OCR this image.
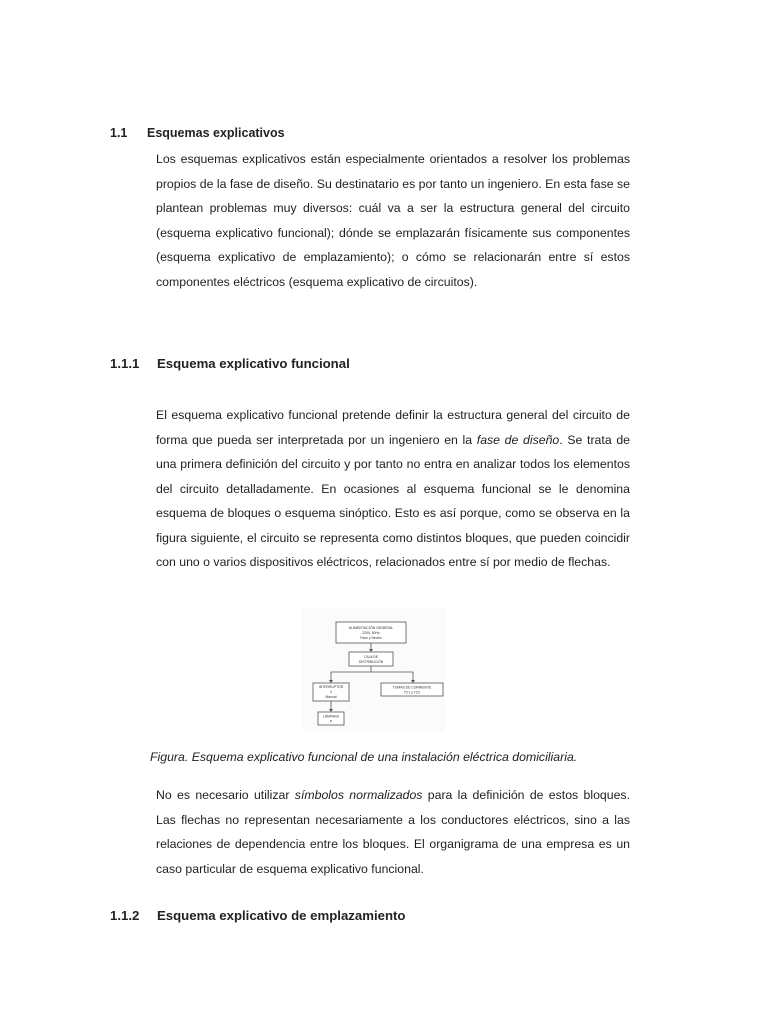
1.1 Esquemas explicativos

Los esquemas explicativos están especialmente orientados a resolver los problemas propios de la fase de diseño. Su destinatario es por tanto un ingeniero. En esta fase se plantean problemas muy diversos: cuál va a ser la estructura general del circuito (esquema explicativo funcional); dónde se emplazarán físicamente sus componentes (esquema explicativo de emplazamiento); o cómo se relacionarán entre sí estos componentes eléctricos (esquema explicativo de circuitos).

1.1.1 Esquema explicativo funcional

El esquema explicativo funcional pretende definir la estructura general del circuito de forma que pueda ser interpretada por un ingeniero en la fase de diseño. Se trata de una primera definición del circuito y por tanto no entra en analizar todos los elementos del circuito detalladamente. En ocasiones al esquema funcional se le denomina esquema de bloques o esquema sinóptico. Esto es así porque, como se observa en la figura siguiente, el circuito se representa como distintos bloques, que pueden coincidir con uno o varios dispositivos eléctricos, relacionados entre sí por medio de flechas.

ALIMENTACIÓN GENERAL
220V, 50Hz
Fase y Neutro
CAJA DE
DISTRIBUCIÓN
INTERRUPTOR
I/
Manual
TOMAS DE CORRIENTE
TC1 y TC2
LÁMPARA
P
Figura. Esquema explicativo funcional de una instalación eléctrica domiciliaria.

No es necesario utilizar símbolos normalizados para la definición de estos bloques. Las flechas no representan necesariamente a los conductores eléctricos, sino a las relaciones de dependencia entre los bloques. El organigrama de una empresa es un caso particular de esquema explicativo funcional.

1.1.2 Esquema explicativo de emplazamiento
